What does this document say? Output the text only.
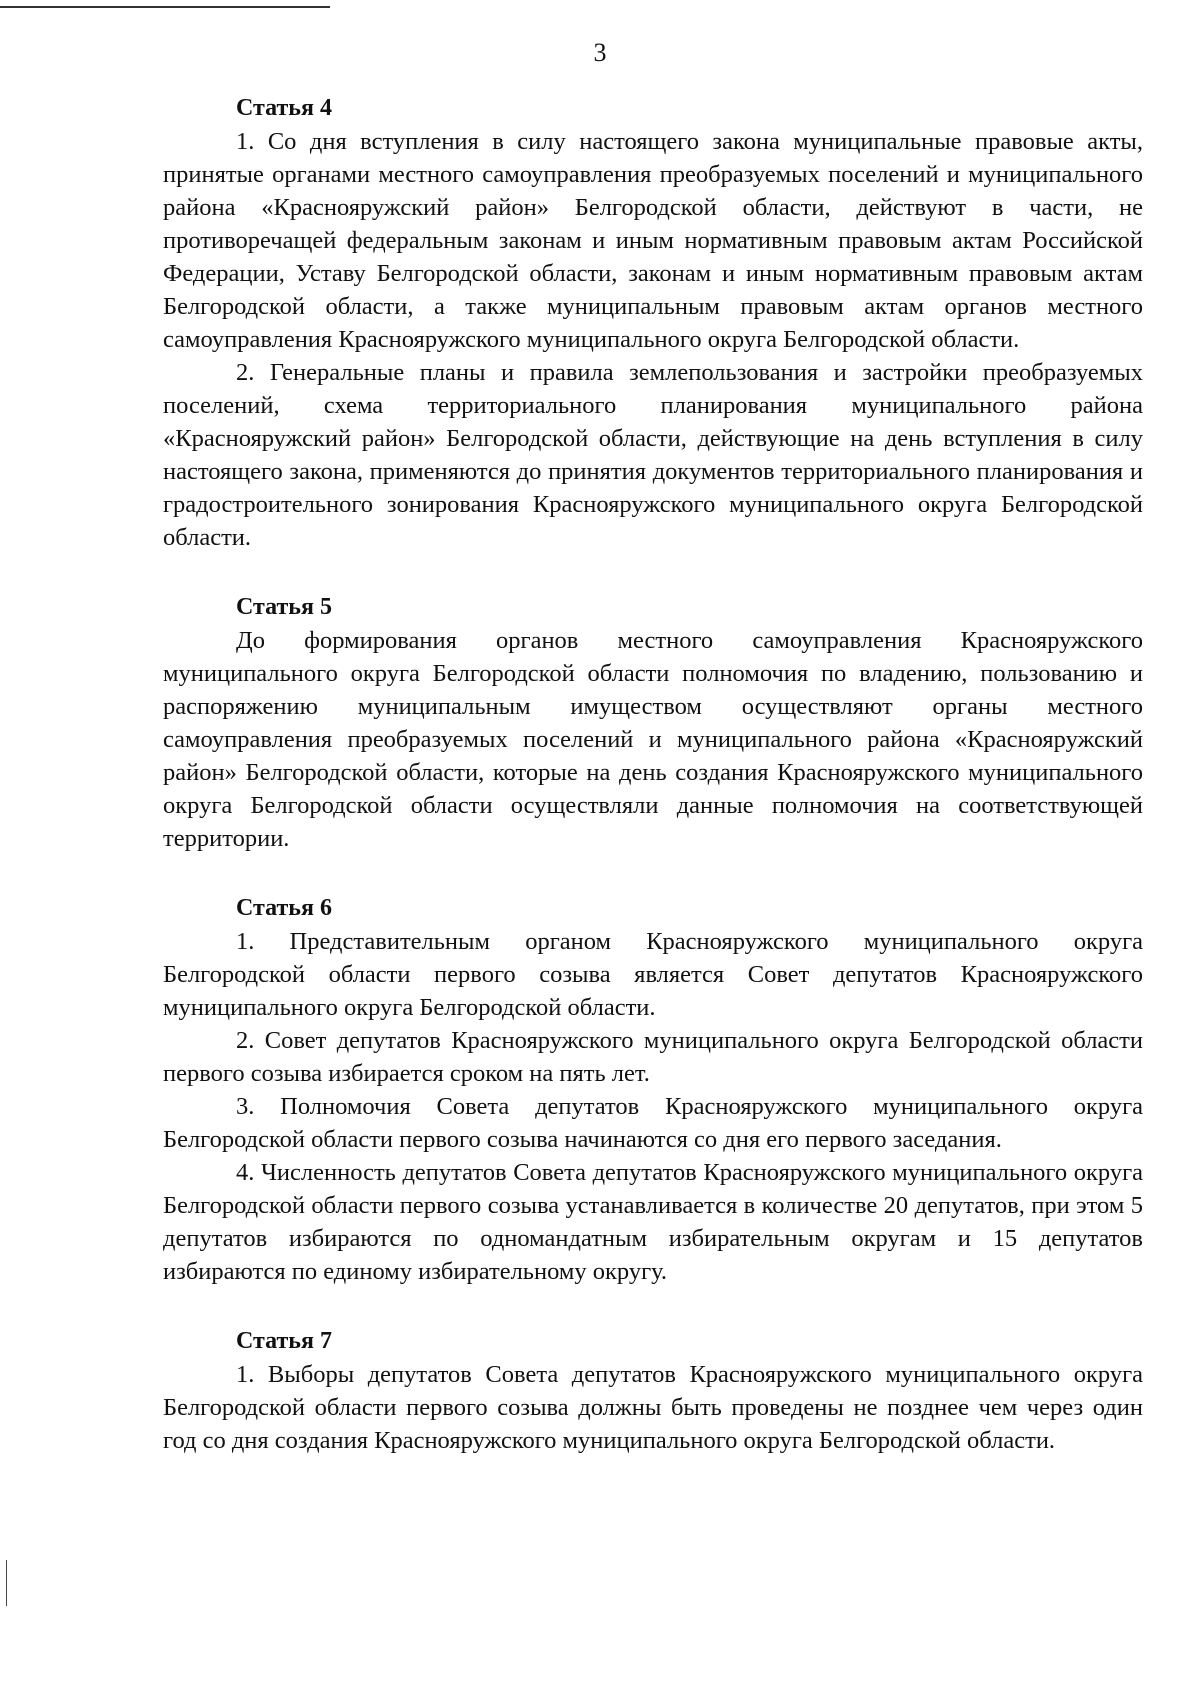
3

Статья 4

1. Со дня вступления в силу настоящего закона муниципальные правовые акты, принятые органами местного самоуправления преобразуемых поселений и муниципального района «Краснояружский район» Белгородской области, действуют в части, не противоречащей федеральным законам и иным нормативным правовым актам Российской Федерации, Уставу Белгородской области, законам и иным нормативным правовым актам Белгородской области, а также муниципальным правовым актам органов местного самоуправления Краснояружского муниципального округа Белгородской области.

2. Генеральные планы и правила землепользования и застройки преобразуемых поселений, схема территориального планирования муниципального района «Краснояружский район» Белгородской области, действующие на день вступления в силу настоящего закона, применяются до принятия документов территориального планирования и градостроительного зонирования Краснояружского муниципального округа Белгородской области.

Статья 5

До формирования органов местного самоуправления Краснояружского муниципального округа Белгородской области полномочия по владению, пользованию и распоряжению муниципальным имуществом осуществляют органы местного самоуправления преобразуемых поселений и муниципального района «Краснояружский район» Белгородской области, которые на день создания Краснояружского муниципального округа Белгородской области осуществляли данные полномочия на соответствующей территории.

Статья 6

1. Представительным органом Краснояружского муниципального округа Белгородской области первого созыва является Совет депутатов Краснояружского муниципального округа Белгородской области.

2. Совет депутатов Краснояружского муниципального округа Белгородской области первого созыва избирается сроком на пять лет.

3. Полномочия Совета депутатов Краснояружского муниципального округа Белгородской области первого созыва начинаются со дня его первого заседания.

4. Численность депутатов Совета депутатов Краснояружского муниципального округа Белгородской области первого созыва устанавливается в количестве 20 депутатов, при этом 5 депутатов избираются по одномандатным избирательным округам и 15 депутатов избираются по единому избирательному округу.

Статья 7

1. Выборы депутатов Совета депутатов Краснояружского муниципального округа Белгородской области первого созыва должны быть проведены не позднее чем через один год со дня создания Краснояружского муниципального округа Белгородской области.
